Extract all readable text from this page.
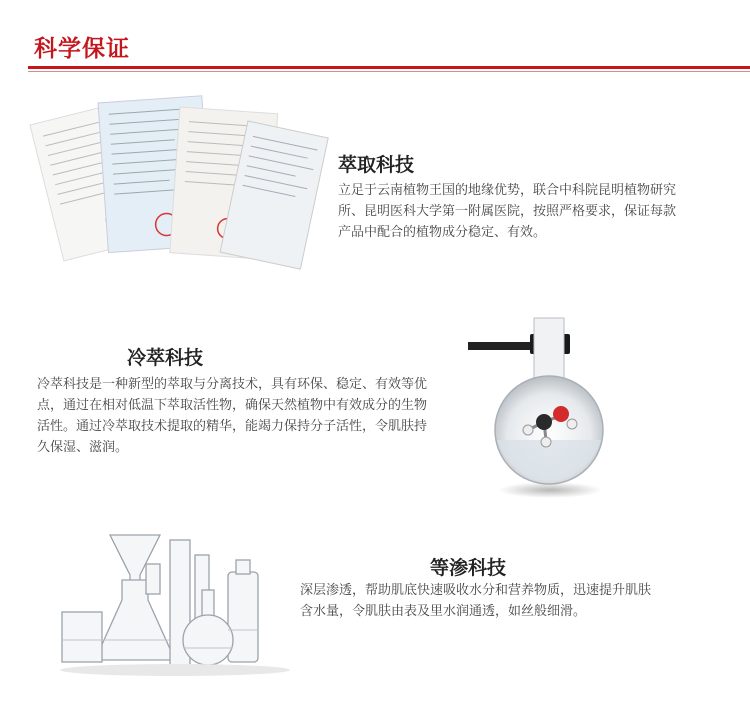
科学保证
萃取科技
立足于云南植物王国的地缘优势，联合中科院昆明植物研究所、昆明医科大学第一附属医院，按照严格要求，保证每款产品中配合的植物成分稳定、有效。
冷萃科技
冷萃科技是一种新型的萃取与分离技术，具有环保、稳定、有效等优点，通过在相对低温下萃取活性物，确保天然植物中有效成分的生物活性。通过冷萃取技术提取的精华，能竭力保持分子活性，令肌肤持久保湿、滋润。
等渗科技
深层渗透，帮助肌底快速吸收水分和营养物质，迅速提升肌肤含水量，令肌肤由表及里水润通透，如丝般细滑。
